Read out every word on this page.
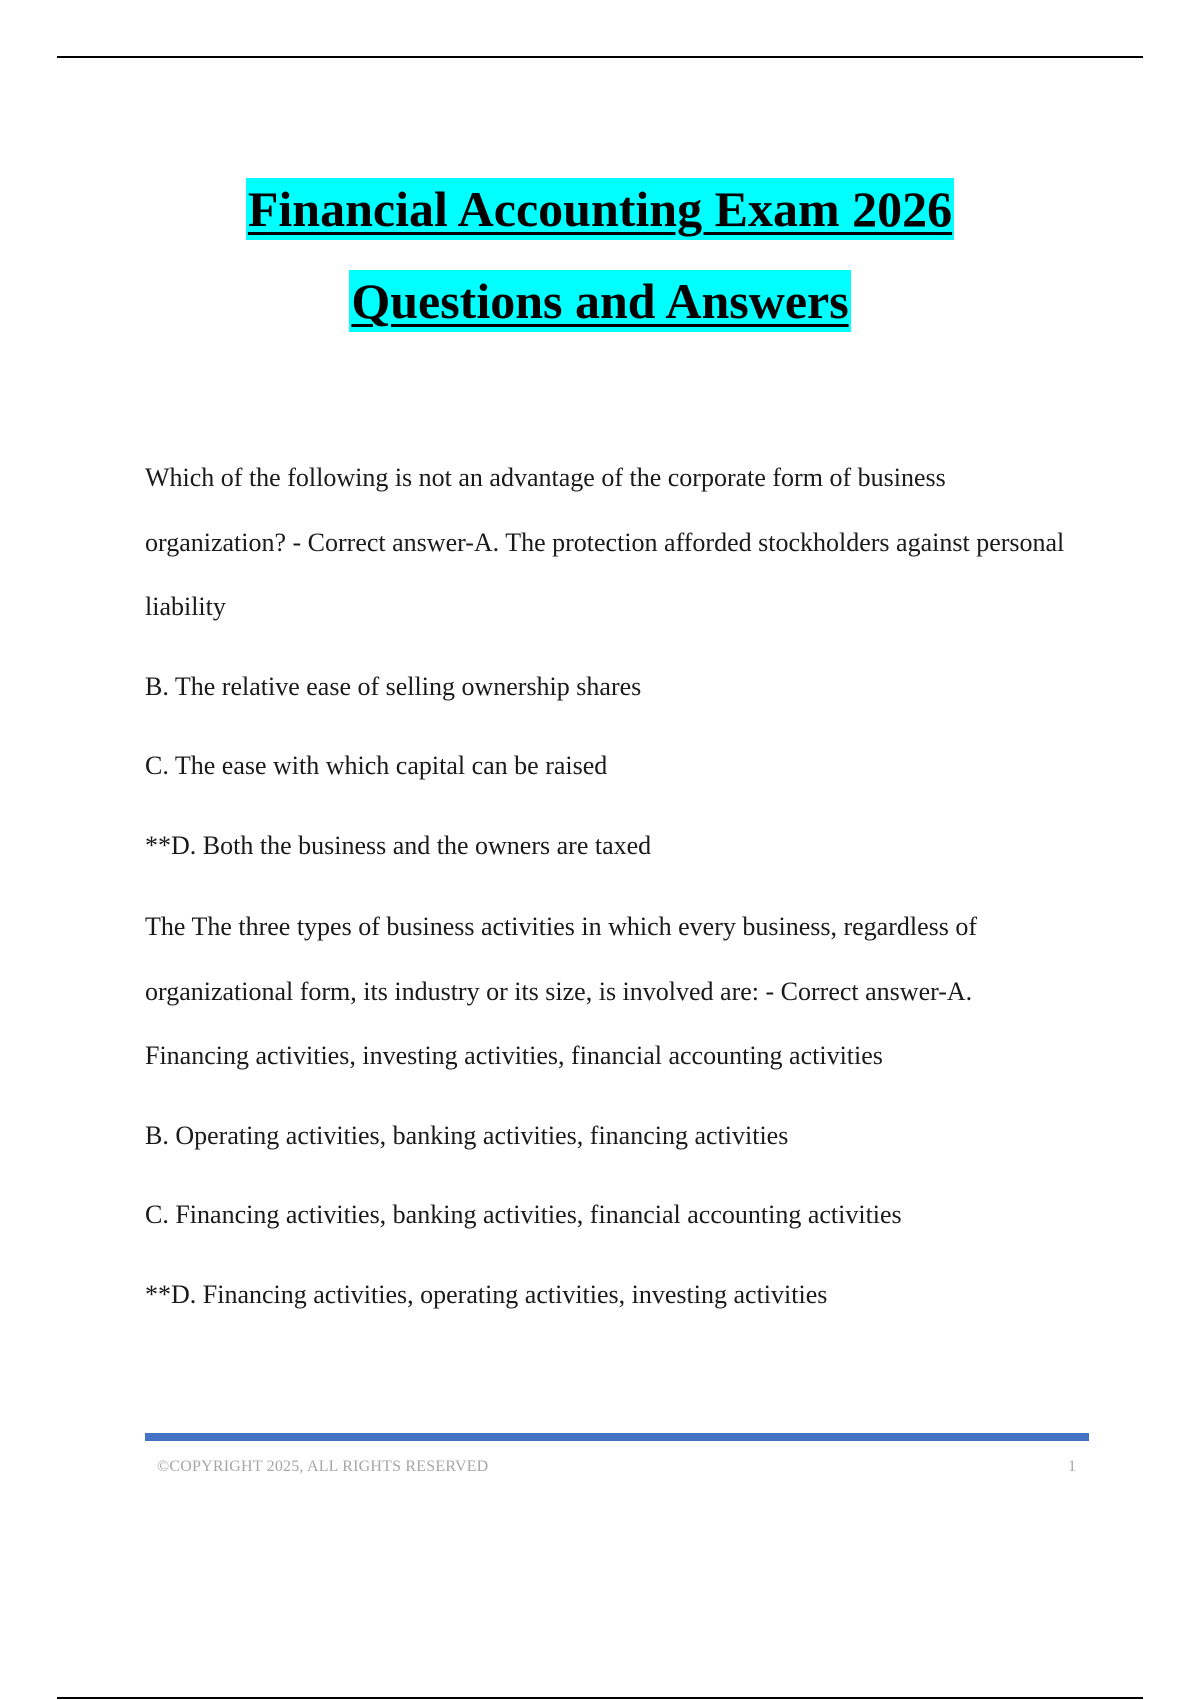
Financial Accounting Exam 2026
Questions and Answers

Which of the following is not an advantage of the corporate form of business organization? - Correct answer-A. The protection afforded stockholders against personal liability

B. The relative ease of selling ownership shares

C. The ease with which capital can be raised

**D. Both the business and the owners are taxed

The The three types of business activities in which every business, regardless of organizational form, its industry or its size, is involved are: - Correct answer-A. Financing activities, investing activities, financial accounting activities

B. Operating activities, banking activities, financing activities

C. Financing activities, banking activities, financial accounting activities

**D. Financing activities, operating activities, investing activities

©COPYRIGHT 2025, ALL RIGHTS RESERVED	1
